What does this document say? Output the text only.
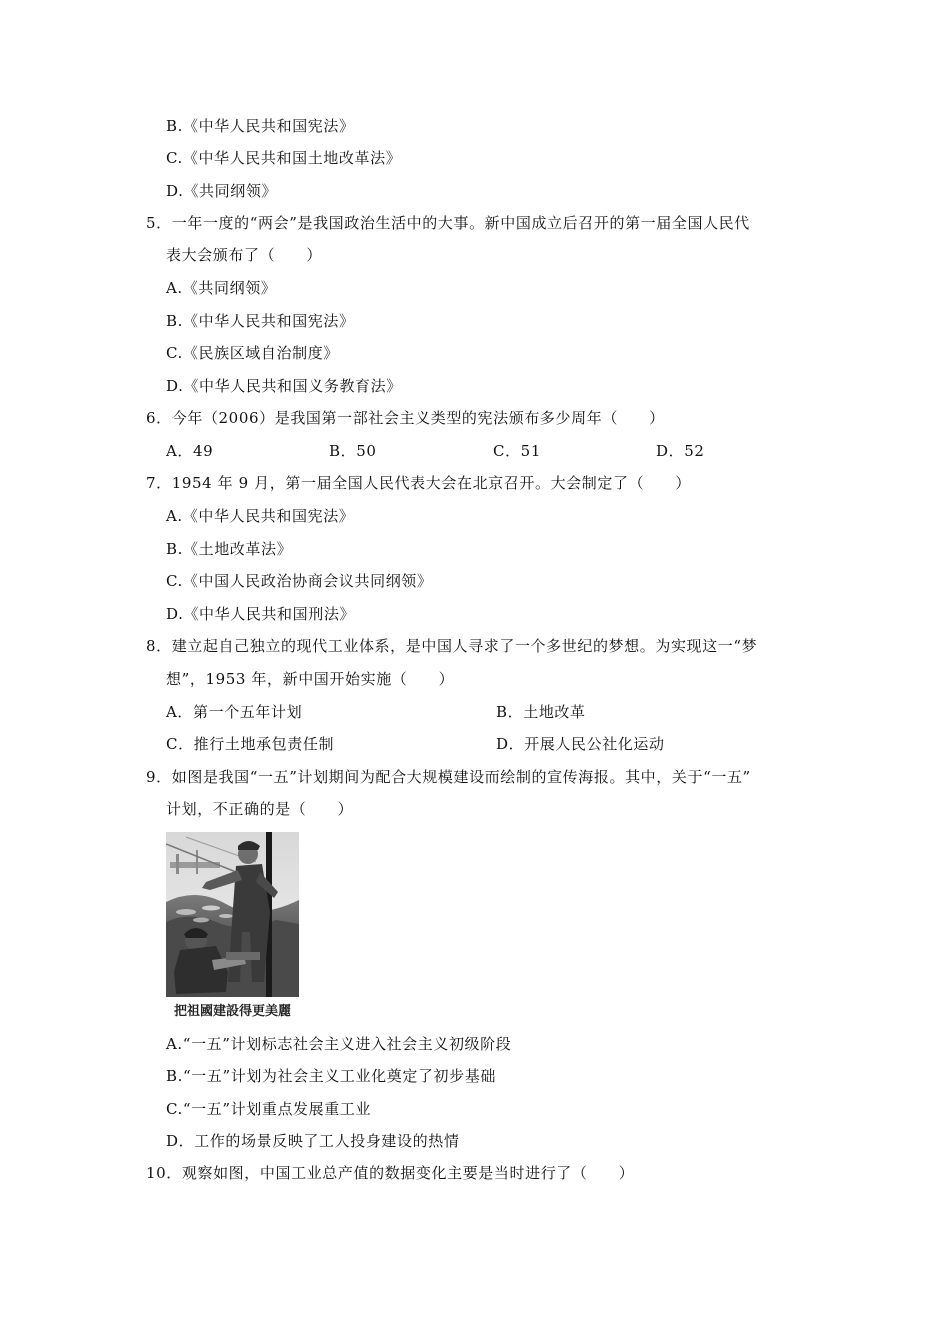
B.《中华人民共和国宪法》
C.《中华人民共和国土地改革法》
D.《共同纲领》
5．一年一度的“两会”是我国政治生活中的大事。新中国成立后召开的第一届全国人民代
表大会颁布了（　　）
A.《共同纲领》
B.《中华人民共和国宪法》
C.《民族区域自治制度》
D.《中华人民共和国义务教育法》
6．今年（2006）是我国第一部社会主义类型的宪法颁布多少周年（　　）
A．49	B．50	C．51	D．52
7．1954 年 9 月，第一届全国人民代表大会在北京召开。大会制定了（　　）
A.《中华人民共和国宪法》
B.《土地改革法》
C.《中国人民政治协商会议共同纲领》
D.《中华人民共和国刑法》
8．建立起自己独立的现代工业体系，是中国人寻求了一个多世纪的梦想。为实现这一“梦
想”，1953 年，新中国开始实施（　　）
A．第一个五年计划	B．土地改革
C．推行土地承包责任制	D．开展人民公社化运动
9．如图是我国“一五”计划期间为配合大规模建设而绘制的宣传海报。其中，关于“一五”
计划，不正确的是（　　）
把祖國建設得更美麗
A.“一五”计划标志社会主义进入社会主义初级阶段
B.“一五”计划为社会主义工业化奠定了初步基础
C.“一五”计划重点发展重工业
D．工作的场景反映了工人投身建设的热情
10．观察如图，中国工业总产值的数据变化主要是当时进行了（　　）
